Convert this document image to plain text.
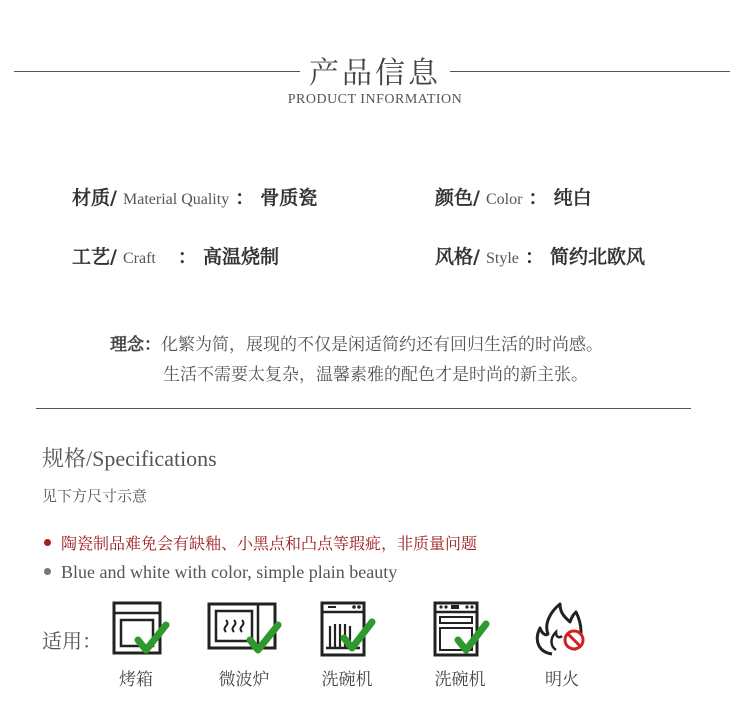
产品信息
PRODUCT INFORMATION
材质/ Material Quality ： 骨质瓷	颜色/ Color ： 纯白
工艺/ Craft ： 高温烧制	风格/ Style ： 简约北欧风
理念：化繁为简，展现的不仅是闲适简约还有回归生活的时尚感。
生活不需要太复杂，温馨素雅的配色才是时尚的新主张。
规格/Specifications
见下方尺寸示意
陶瓷制品难免会有缺釉、小黑点和凸点等瑕疵，非质量问题
Blue and white with color, simple plain beauty
适用：
烤箱	微波炉	洗碗机	洗碗机	明火
